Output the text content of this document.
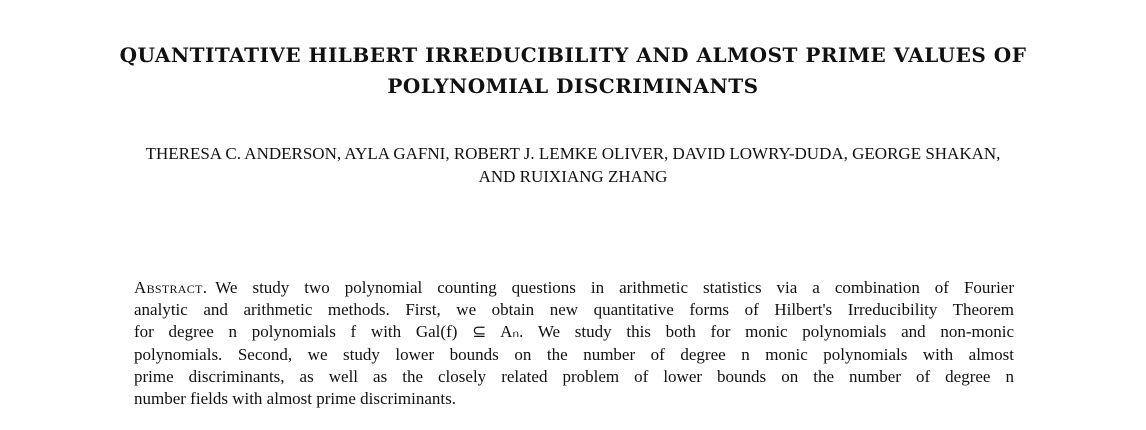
QUANTITATIVE HILBERT IRREDUCIBILITY AND ALMOST PRIME VALUES OF
POLYNOMIAL DISCRIMINANTS
THERESA C. ANDERSON, AYLA GAFNI, ROBERT J. LEMKE OLIVER, DAVID LOWRY-DUDA, GEORGE SHAKAN,
AND RUIXIANG ZHANG
Abstract. We study two polynomial counting questions in arithmetic statistics via a combination of Fourier
analytic and arithmetic methods. First, we obtain new quantitative forms of Hilbert's Irreducibility Theorem
for degree n polynomials f with Gal(f) ⊆ Aₙ. We study this both for monic polynomials and non-monic
polynomials. Second, we study lower bounds on the number of degree n monic polynomials with almost
prime discriminants, as well as the closely related problem of lower bounds on the number of degree n
number fields with almost prime discriminants.
